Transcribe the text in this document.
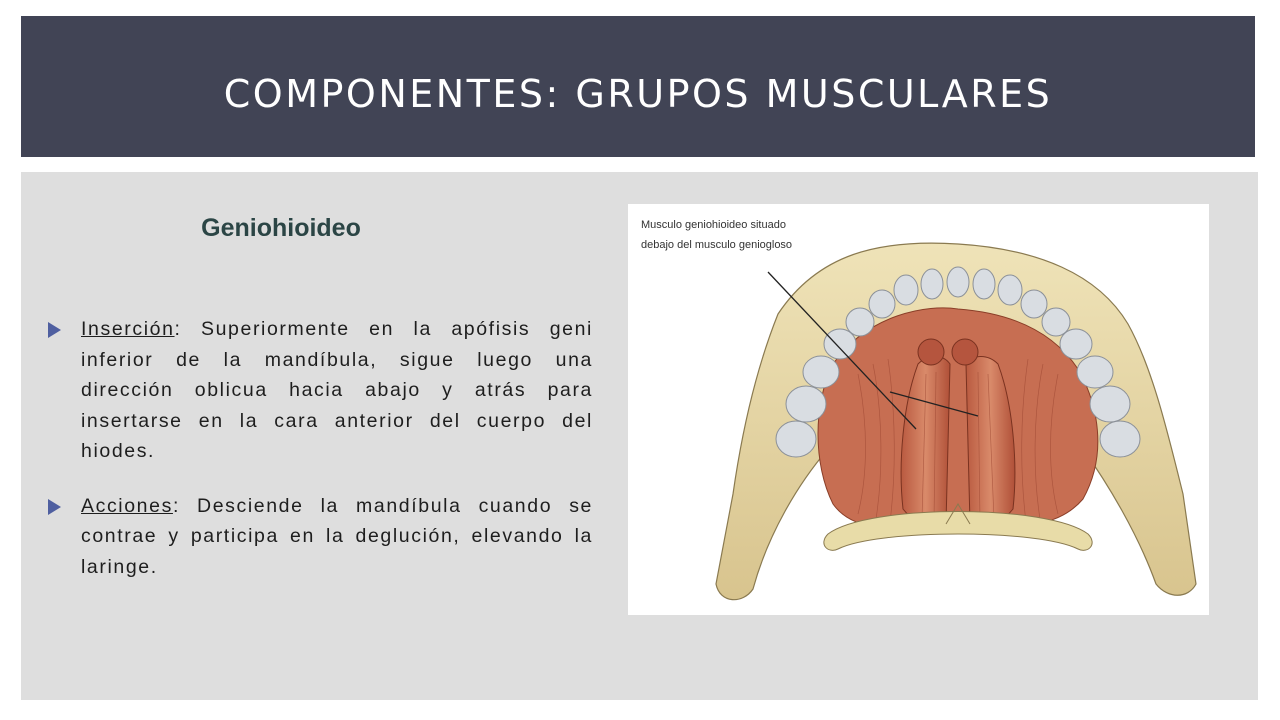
COMPONENTES: GRUPOS MUSCULARES
Geniohioideo
Inserción: Superiormente en la apófisis geni inferior de la mandíbula, sigue luego una dirección oblicua hacia abajo y atrás para insertarse en la cara anterior del cuerpo del hiodes.
Acciones: Desciende la mandíbula cuando se contrae y participa en la deglución, elevando la laringe.
Musculo geniohioideo situado
debajo del musculo geniogloso
